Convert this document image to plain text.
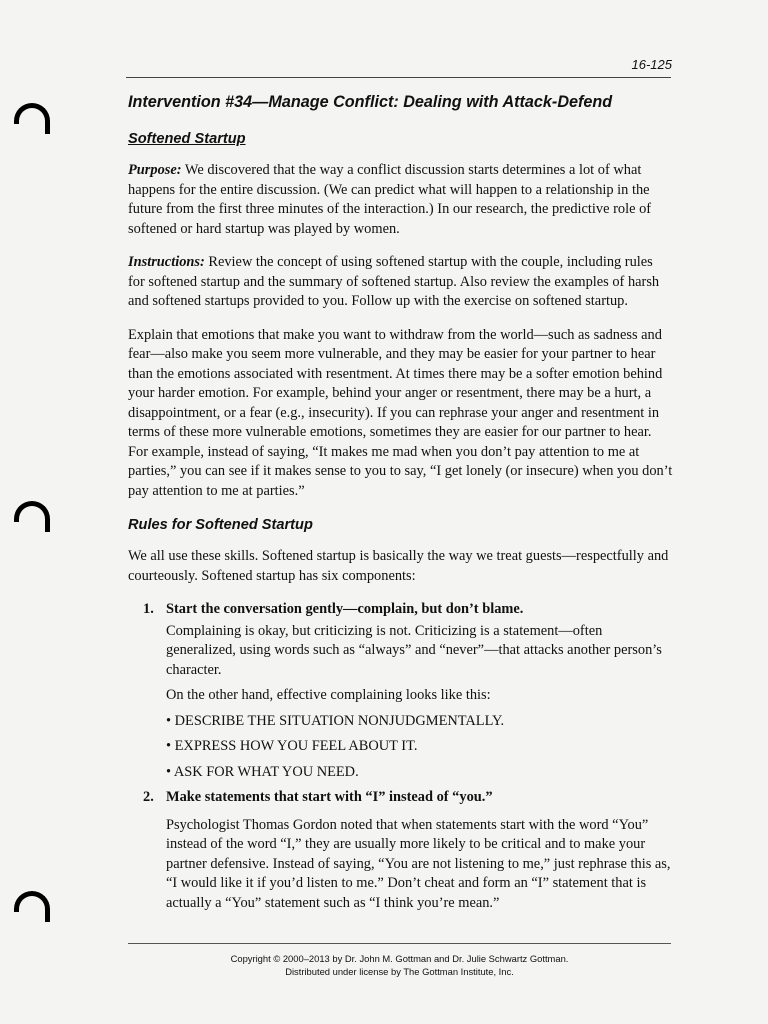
16-125
Intervention #34—Manage Conflict: Dealing with Attack-Defend
Softened Startup

Purpose: We discovered that the way a conflict discussion starts determines a lot of what happens for the entire discussion. (We can predict what will happen to a relationship in the future from the first three minutes of the interaction.) In our research, the predictive role of softened or hard startup was played by women.

Instructions: Review the concept of using softened startup with the couple, including rules for softened startup and the summary of softened startup. Also review the examples of harsh and softened startups provided to you. Follow up with the exercise on softened startup.

Explain that emotions that make you want to withdraw from the world—such as sadness and fear—also make you seem more vulnerable, and they may be easier for your partner to hear than the emotions associated with resentment. At times there may be a softer emotion behind your harder emotion. For example, behind your anger or resentment, there may be a hurt, a disappointment, or a fear (e.g., insecurity). If you can rephrase your anger and resentment in terms of these more vulnerable emotions, sometimes they are easier for our partner to hear. For example, instead of saying, “It makes me mad when you don’t pay attention to me at parties,” you can see if it makes sense to you to say, “I get lonely (or insecure) when you don’t pay attention to me at parties.”

Rules for Softened Startup

We all use these skills. Softened startup is basically the way we treat guests—respectfully and courteously. Softened startup has six components:

1. Start the conversation gently—complain, but don’t blame.

Complaining is okay, but criticizing is not. Criticizing is a statement—often generalized, using words such as “always” and “never”—that attacks another person’s character.

On the other hand, effective complaining looks like this:

• DESCRIBE THE SITUATION NONJUDGMENTALLY.
• EXPRESS HOW YOU FEEL ABOUT IT.
• ASK FOR WHAT YOU NEED.
2. Make statements that start with “I” instead of “you.”

Psychologist Thomas Gordon noted that when statements start with the word “You” instead of the word “I,” they are usually more likely to be critical and to make your partner defensive. Instead of saying, “You are not listening to me,” just rephrase this as, “I would like it if you’d listen to me.” Don’t cheat and form an “I” statement that is actually a “You” statement such as “I think you’re mean.”

Copyright © 2000–2013 by Dr. John M. Gottman and Dr. Julie Schwartz Gottman.
Distributed under license by The Gottman Institute, Inc.
